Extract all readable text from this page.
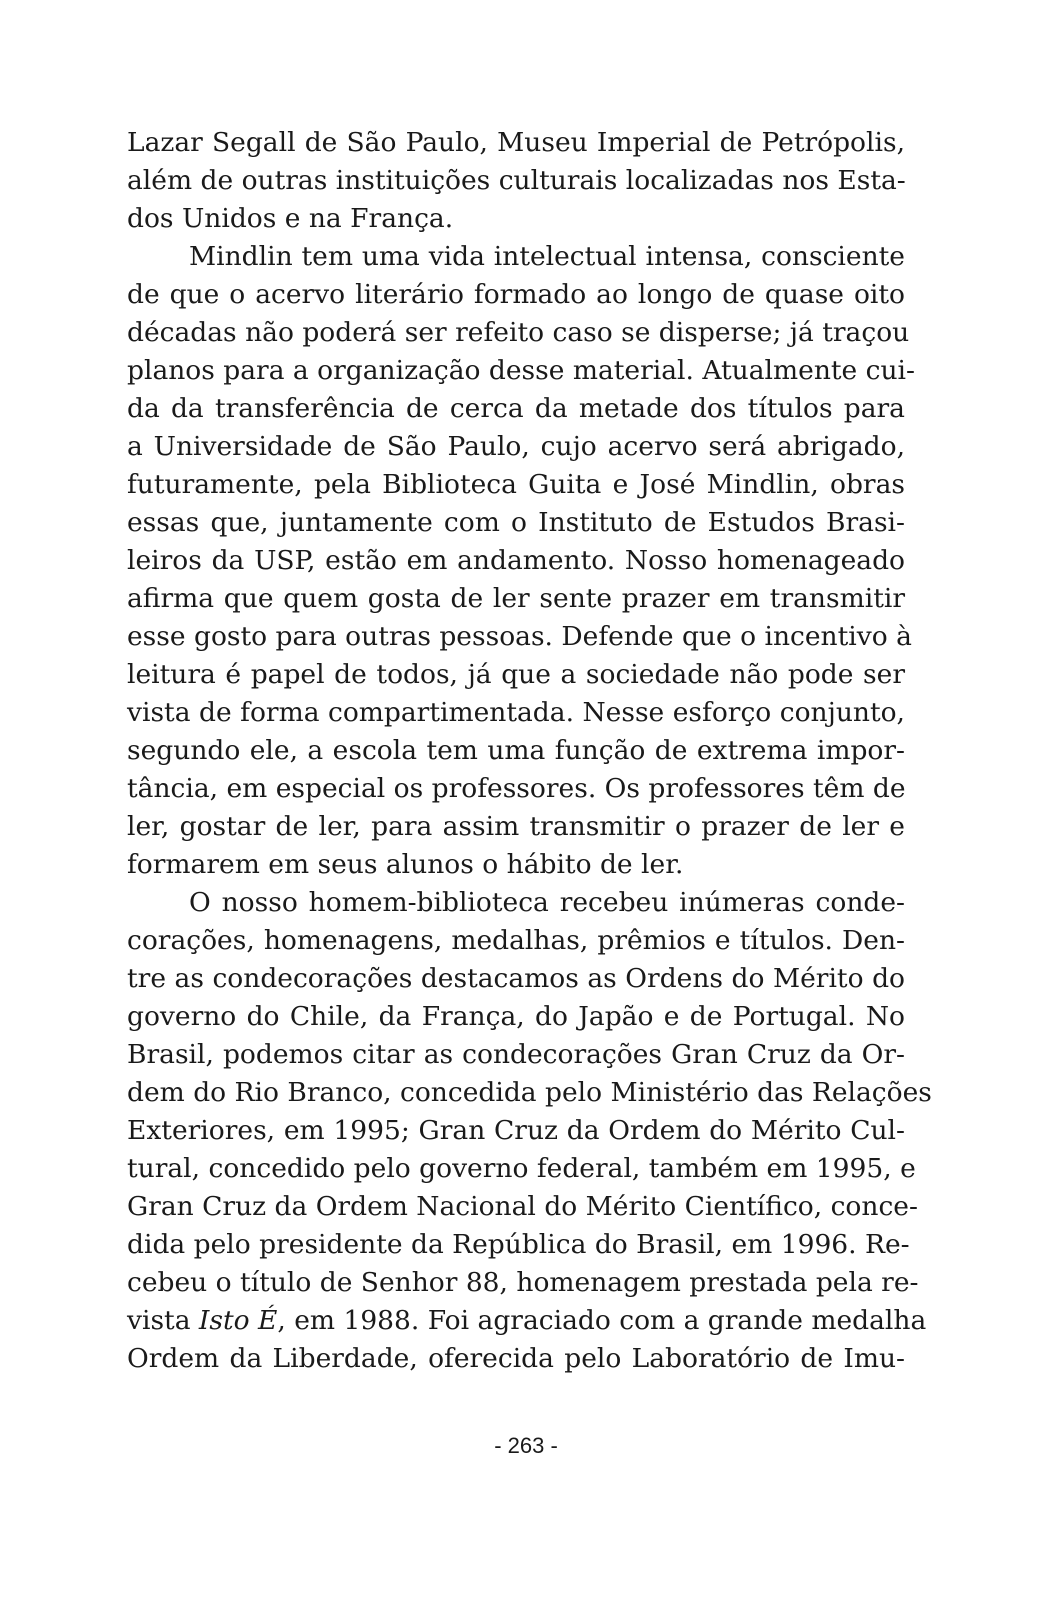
Lazar Segall de São Paulo, Museu Imperial de Petrópolis,
além de outras instituições culturais localizadas nos Esta-
dos Unidos e na França.
Mindlin tem uma vida intelectual intensa, consciente
de que o acervo literário formado ao longo de quase oito
décadas não poderá ser refeito caso se disperse; já traçou
planos para a organização desse material. Atualmente cui-
da da transferência de cerca da metade dos títulos para
a Universidade de São Paulo, cujo acervo será abrigado,
futuramente, pela Biblioteca Guita e José Mindlin, obras
essas que, juntamente com o Instituto de Estudos Brasi-
leiros da USP, estão em andamento. Nosso homenageado
afirma que quem gosta de ler sente prazer em transmitir
esse gosto para outras pessoas. Defende que o incentivo à
leitura é papel de todos, já que a sociedade não pode ser
vista de forma compartimentada. Nesse esforço conjunto,
segundo ele, a escola tem uma função de extrema impor-
tância, em especial os professores. Os professores têm de
ler, gostar de ler, para assim transmitir o prazer de ler e
formarem em seus alunos o hábito de ler.
O nosso homem-biblioteca recebeu inúmeras conde-
corações, homenagens, medalhas, prêmios e títulos. Den-
tre as condecorações destacamos as Ordens do Mérito do
governo do Chile, da França, do Japão e de Portugal. No
Brasil, podemos citar as condecorações Gran Cruz da Or-
dem do Rio Branco, concedida pelo Ministério das Relações
Exteriores, em 1995; Gran Cruz da Ordem do Mérito Cul-
tural, concedido pelo governo federal, também em 1995, e
Gran Cruz da Ordem Nacional do Mérito Científico, conce-
dida pelo presidente da República do Brasil, em 1996. Re-
cebeu o título de Senhor 88, homenagem prestada pela re-
vista Isto É, em 1988. Foi agraciado com a grande medalha
Ordem da Liberdade, oferecida pelo Laboratório de Imu-
- 263 -
